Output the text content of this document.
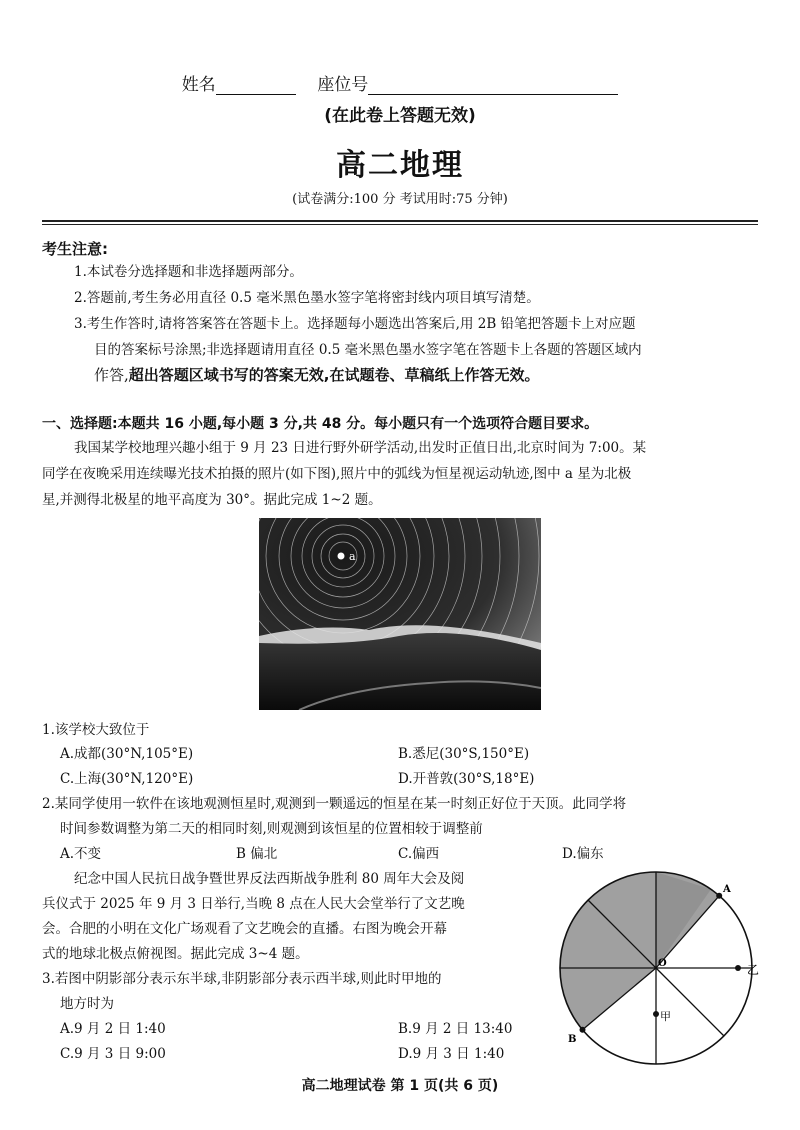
姓名	座位号
(在此卷上答题无效)
高二地理
(试卷满分:100 分 考试用时:75 分钟)
考生注意:
1.本试卷分选择题和非选择题两部分。
2.答题前,考生务必用直径 0.5 毫米黑色墨水签字笔将密封线内项目填写清楚。
3.考生作答时,请将答案答在答题卡上。选择题每小题选出答案后,用 2B 铅笔把答题卡上对应题
目的答案标号涂黑;非选择题请用直径 0.5 毫米黑色墨水签字笔在答题卡上各题的答题区域内
作答,超出答题区域书写的答案无效,在试题卷、草稿纸上作答无效。
一、选择题:本题共 16 小题,每小题 3 分,共 48 分。每小题只有一个选项符合题目要求。
我国某学校地理兴趣小组于 9 月 23 日进行野外研学活动,出发时正值日出,北京时间为 7:00。某
同学在夜晚采用连续曝光技术拍摄的照片(如下图),照片中的弧线为恒星视运动轨迹,图中 a 星为北极
星,并测得北极星的地平高度为 30°。据此完成 1~2 题。
a
1.该学校大致位于
A.成都(30°N,105°E)	B.悉尼(30°S,150°E)
C.上海(30°N,120°E)	D.开普敦(30°S,18°E)
2.某同学使用一软件在该地观测恒星时,观测到一颗遥远的恒星在某一时刻正好位于天顶。此同学将
时间参数调整为第二天的相同时刻,则观测到该恒星的位置相较于调整前
A.不变	B 偏北	C.偏西	D.偏东
纪念中国人民抗日战争暨世界反法西斯战争胜利 80 周年大会及阅
兵仪式于 2025 年 9 月 3 日举行,当晚 8 点在人民大会堂举行了文艺晚
会。合肥的小明在文化广场观看了文艺晚会的直播。右图为晚会开幕
式的地球北极点俯视图。据此完成 3~4 题。
3.若图中阴影部分表示东半球,非阴影部分表示西半球,则此时甲地的
地方时为
A.9 月 2 日 1:40	B.9 月 2 日 13:40
C.9 月 3 日 9:00	D.9 月 3 日 1:40
A
B
O	乙
甲
高二地理试卷 第 1 页(共 6 页)
